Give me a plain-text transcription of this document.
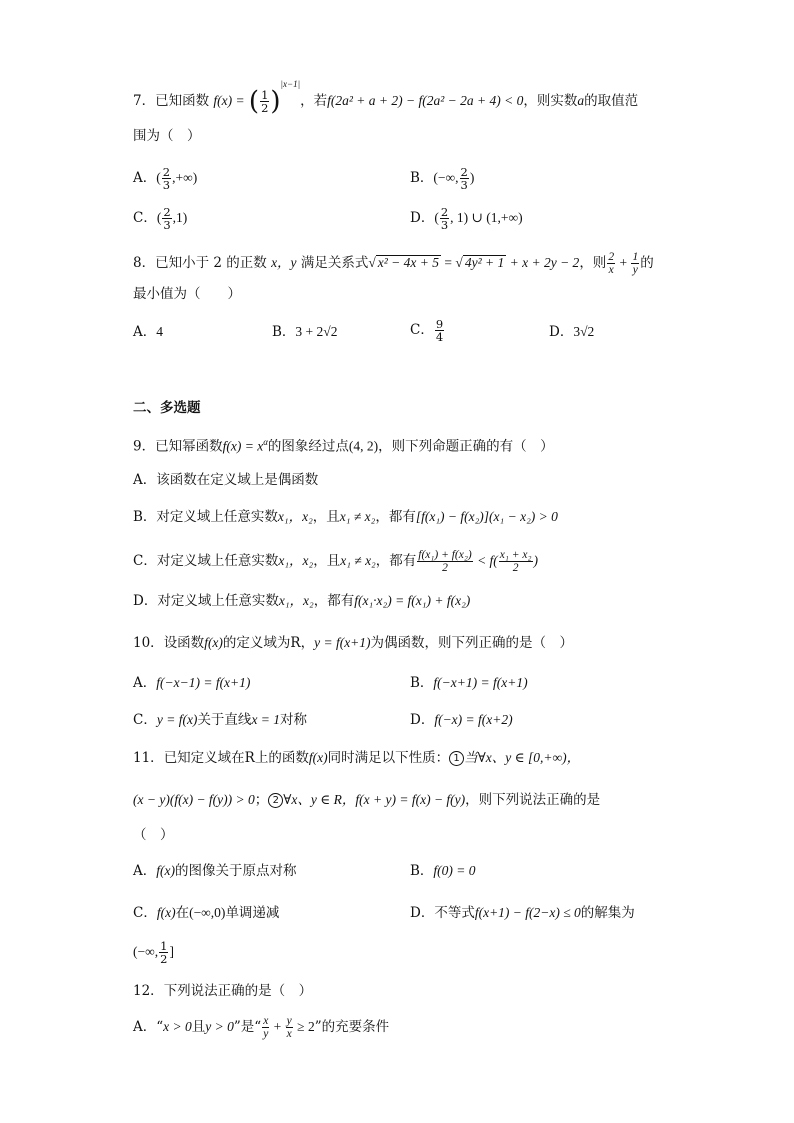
7．已知函数 f(x) = ( $\frac{1}{2} )^{|x-1|}$，若f(2a² + a + 2) − f(2a² − 2a + 4) < 0，则实数a的取值范
围为（　）
A．( $\frac{2}{3}$ ,+∞)	B．(−∞, $\frac{2}{3}$ )
C．( $\frac{2}{3} ,1$)	D．( $\frac{2}{3}$ , 1) ∪ (1,+∞)
8．已知小于 2 的正数 x，y 满足关系式√ x² − 4x + 5 = √ 4y² + 1 + x + 2y − 2，则 $\frac{2}{x} + \frac{1}{y}$ 的
最小值为（　　）
A．4	B．3 + 2√2	C． $\frac{9}{4}$	D．3√2
二、多选题
9．已知幂函数$f(x) = x^\alpha$的图象经过点(4, 2)，则下列命题正确的有（　）
A．该函数在定义域上是偶函数
B．对定义域上任意实数x₁，x₂，且x₁ ≠ x₂，都有[f(x₁) − f(x₂)](x₁ − x₂) > 0
C．对定义域上任意实数x₁，x₂，且x₁ ≠ x₂，都有 $\frac{\text{f(x₁) + f(x₂)}}{2} < f( \frac{\text{x₁ + x₂}}{2}$ )
D．对定义域上任意实数x₁，x₂，都有f(x₁·x₂) = f(x₁) + f(x₂)
10．设函数f(x)的定义域为R，y = f(x+1)为偶函数，则下列正确的是（　）
A．f(−x−1) = f(x+1)	B．f(−x+1) = f(x+1)
C．y = f(x)关于直线x = 1对称	D．f(−x) = f(x+2)
11．已知定义域在R上的函数f(x)同时满足以下性质： 1 当∀x、y ∈ [0,+∞)，
(x − y)(f(x) − f(y)) > 0； 2 ∀x、y ∈ R，f(x + y) = f(x) − f(y)，则下列说法正确的是
（　）
A．f(x)的图像关于原点对称	B．f(0) = 0
C．f(x)在(−∞,0)单调递减	D．不等式f(x+1) − f(2−x) ≤ 0的解集为
(−∞, $\frac{1}{2}$ ]
12．下列说法正确的是（　）
A．“x > 0且y > 0”是“ $\frac{x}{y} + \frac{y}{x} \ge 2$”的充要条件
